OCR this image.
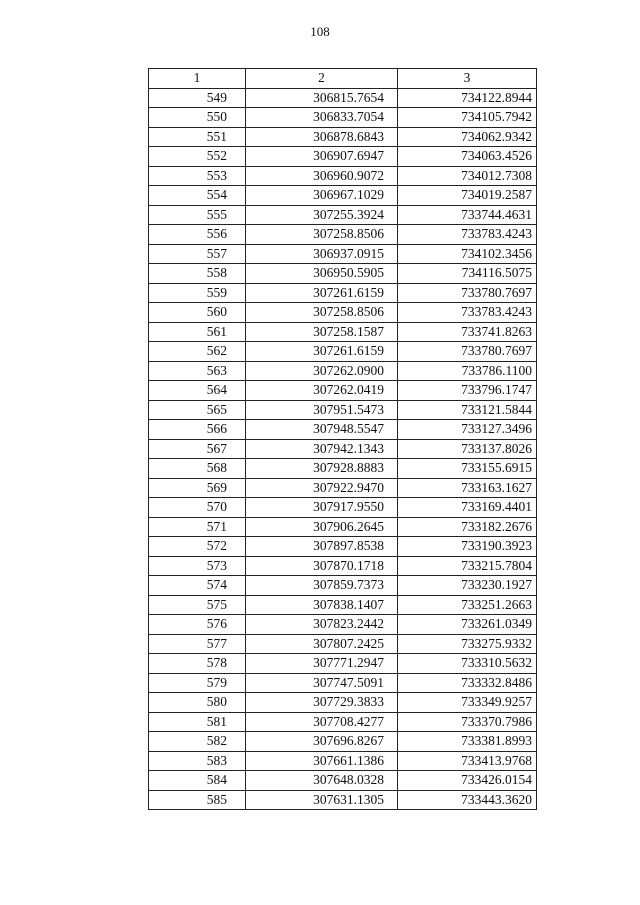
108
1	2	3
549	306815.7654	734122.8944
550	306833.7054	734105.7942
551	306878.6843	734062.9342
552	306907.6947	734063.4526
553	306960.9072	734012.7308
554	306967.1029	734019.2587
555	307255.3924	733744.4631
556	307258.8506	733783.4243
557	306937.0915	734102.3456
558	306950.5905	734116.5075
559	307261.6159	733780.7697
560	307258.8506	733783.4243
561	307258.1587	733741.8263
562	307261.6159	733780.7697
563	307262.0900	733786.1100
564	307262.0419	733796.1747
565	307951.5473	733121.5844
566	307948.5547	733127.3496
567	307942.1343	733137.8026
568	307928.8883	733155.6915
569	307922.9470	733163.1627
570	307917.9550	733169.4401
571	307906.2645	733182.2676
572	307897.8538	733190.3923
573	307870.1718	733215.7804
574	307859.7373	733230.1927
575	307838.1407	733251.2663
576	307823.2442	733261.0349
577	307807.2425	733275.9332
578	307771.2947	733310.5632
579	307747.5091	733332.8486
580	307729.3833	733349.9257
581	307708.4277	733370.7986
582	307696.8267	733381.8993
583	307661.1386	733413.9768
584	307648.0328	733426.0154
585	307631.1305	733443.3620
